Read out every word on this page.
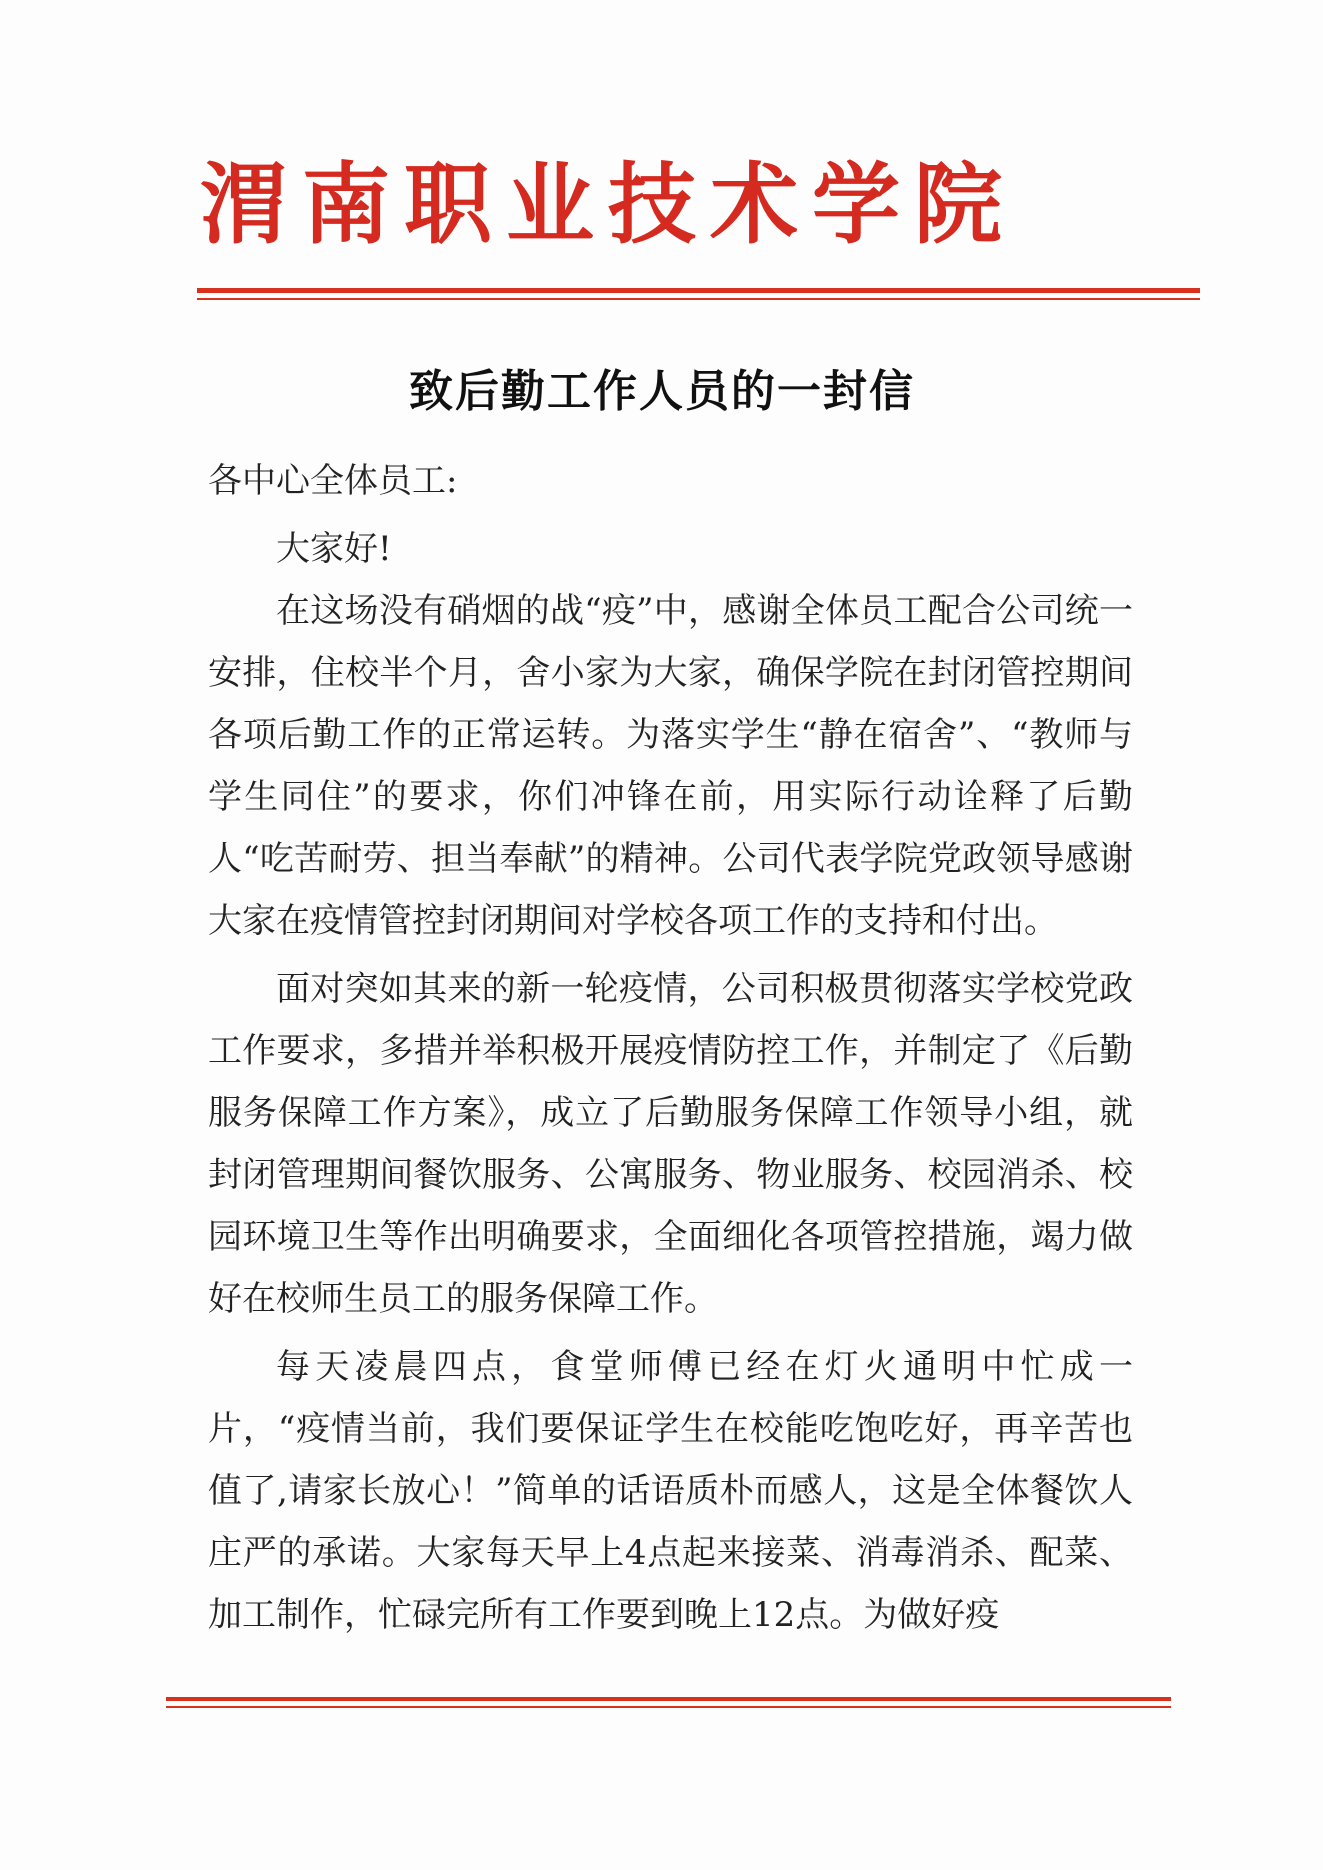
渭南职业技术学院
致后勤工作人员的一封信

各中心全体员工:

大家好!

在这场没有硝烟的战“疫”中，感谢全体员工配合公司统一安排，住校半个月，舍小家为大家，确保学院在封闭管控期间各项后勤工作的正常运转。为落实学生“静在宿舍”、“教师与学生同住”的要求，你们冲锋在前，用实际行动诠释了后勤人“吃苦耐劳、担当奉献”的精神。公司代表学院党政领导感谢大家在疫情管控封闭期间对学校各项工作的支持和付出。

面对突如其来的新一轮疫情，公司积极贯彻落实学校党政工作要求，多措并举积极开展疫情防控工作，并制定了《后勤服务保障工作方案》，成立了后勤服务保障工作领导小组，就封闭管理期间餐饮服务、公寓服务、物业服务、校园消杀、校园环境卫生等作出明确要求，全面细化各项管控措施，竭力做好在校师生员工的服务保障工作。

每天凌晨四点，食堂师傅已经在灯火通明中忙成一片，“疫情当前，我们要保证学生在校能吃饱吃好，再辛苦也值了,请家长放心！”简单的话语质朴而感人，这是全体餐饮人庄严的承诺。大家每天早上4点起来接菜、消毒消杀、配菜、加工制作，忙碌完所有工作要到晚上12点。为做好疫
